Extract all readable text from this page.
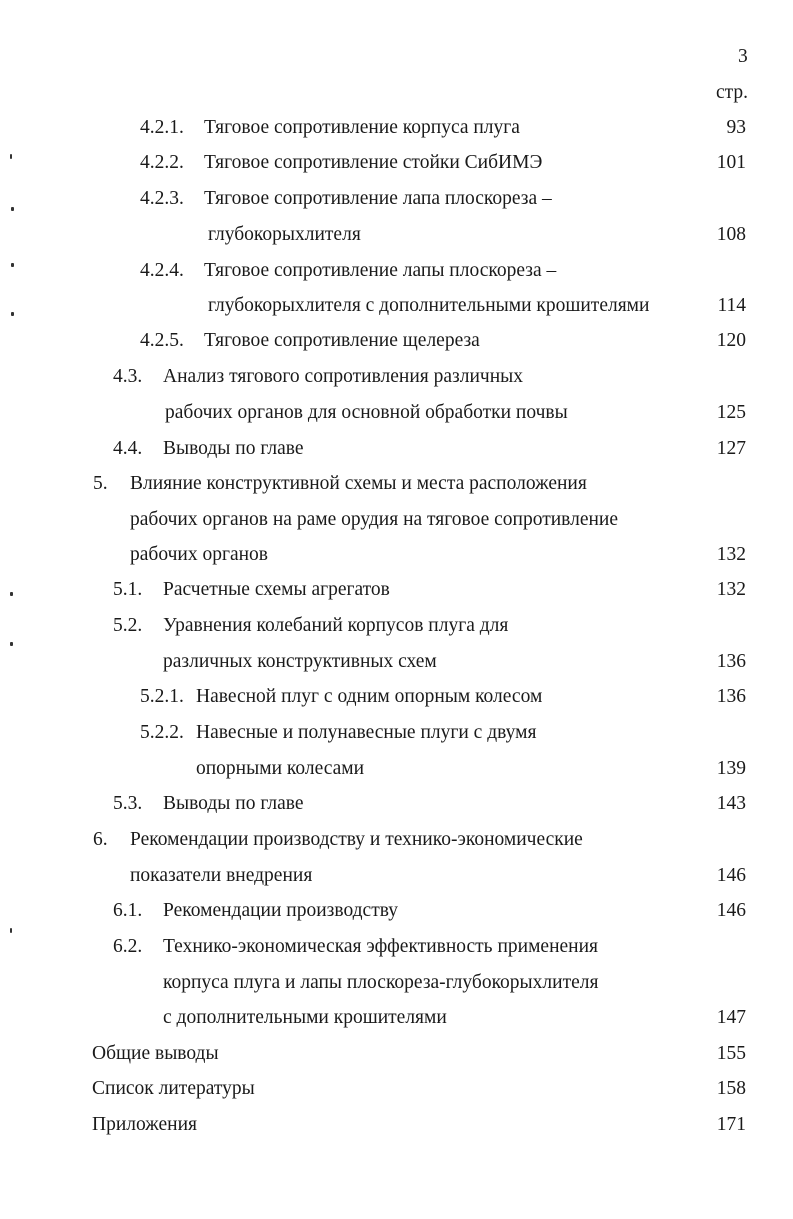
3
стр.
4.2.1. Тяговое сопротивление корпуса плуга	93
4.2.2. Тяговое сопротивление стойки СибИМЭ	101
4.2.3. Тяговое сопротивление лапа плоскореза –
глубокорыхлителя	108
4.2.4. Тяговое сопротивление лапы плоскореза –
глубокорыхлителя с дополнительными крошителями	114
4.2.5. Тяговое сопротивление щелереза	120
4.3. Анализ тягового сопротивления различных
рабочих органов для основной обработки почвы	125
4.4. Выводы по главе	127
5. Влияние конструктивной схемы и места расположения
рабочих органов на раме орудия на тяговое сопротивление
рабочих органов	132
5.1. Расчетные схемы агрегатов	132
5.2. Уравнения колебаний корпусов плуга для
различных конструктивных схем	136
5.2.1. Навесной плуг с одним опорным колесом	136
5.2.2. Навесные и полунавесные плуги с двумя
опорными колесами	139
5.3. Выводы по главе	143
6. Рекомендации производству и технико-экономические
показатели внедрения	146
6.1. Рекомендации производству	146
6.2. Технико-экономическая эффективность применения
корпуса плуга и лапы плоскореза-глубокорыхлителя
с дополнительными крошителями	147
Общие выводы	155
Список литературы	158
Приложения	171
